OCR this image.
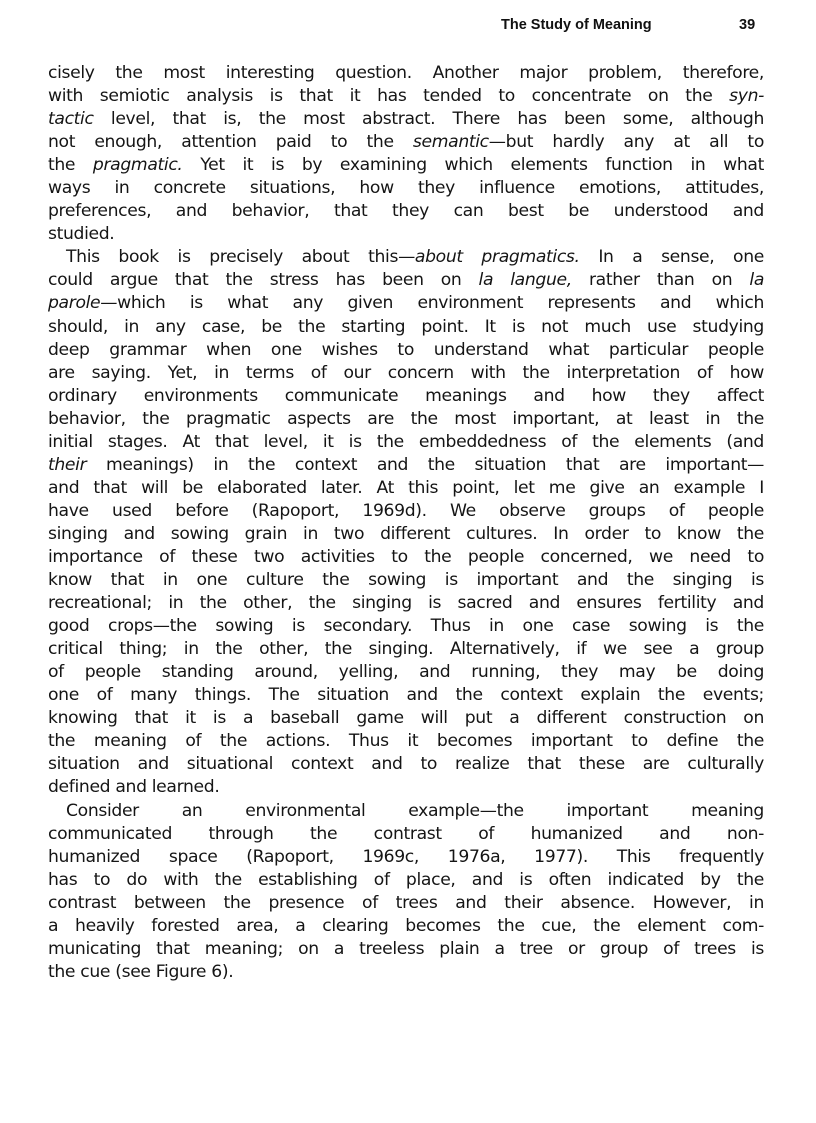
The Study of Meaning	39
cisely the most interesting question. Another major problem, therefore,
with semiotic analysis is that it has tended to concentrate on the syn-
tactic level, that is, the most abstract. There has been some, although
not enough, attention paid to the semantic—but hardly any at all to
the pragmatic. Yet it is by examining which elements function in what
ways in concrete situations, how they influence emotions, attitudes,
preferences, and behavior, that they can best be understood and
studied.
This book is precisely about this—about pragmatics. In a sense, one
could argue that the stress has been on la langue, rather than on la
parole—which is what any given environment represents and which
should, in any case, be the starting point. It is not much use studying
deep grammar when one wishes to understand what particular people
are saying. Yet, in terms of our concern with the interpretation of how
ordinary environments communicate meanings and how they affect
behavior, the pragmatic aspects are the most important, at least in the
initial stages. At that level, it is the embeddedness of the elements (and
their meanings) in the context and the situation that are important—
and that will be elaborated later. At this point, let me give an example I
have used before (Rapoport, 1969d). We observe groups of people
singing and sowing grain in two different cultures. In order to know the
importance of these two activities to the people concerned, we need to
know that in one culture the sowing is important and the singing is
recreational; in the other, the singing is sacred and ensures fertility and
good crops—the sowing is secondary. Thus in one case sowing is the
critical thing; in the other, the singing. Alternatively, if we see a group
of people standing around, yelling, and running, they may be doing
one of many things. The situation and the context explain the events;
knowing that it is a baseball game will put a different construction on
the meaning of the actions. Thus it becomes important to define the
situation and situational context and to realize that these are culturally
defined and learned.
Consider an environmental example—the important meaning
communicated through the contrast of humanized and non-
humanized space (Rapoport, 1969c, 1976a, 1977). This frequently
has to do with the establishing of place, and is often indicated by the
contrast between the presence of trees and their absence. However, in
a heavily forested area, a clearing becomes the cue, the element com-
municating that meaning; on a treeless plain a tree or group of trees is
the cue (see Figure 6).
